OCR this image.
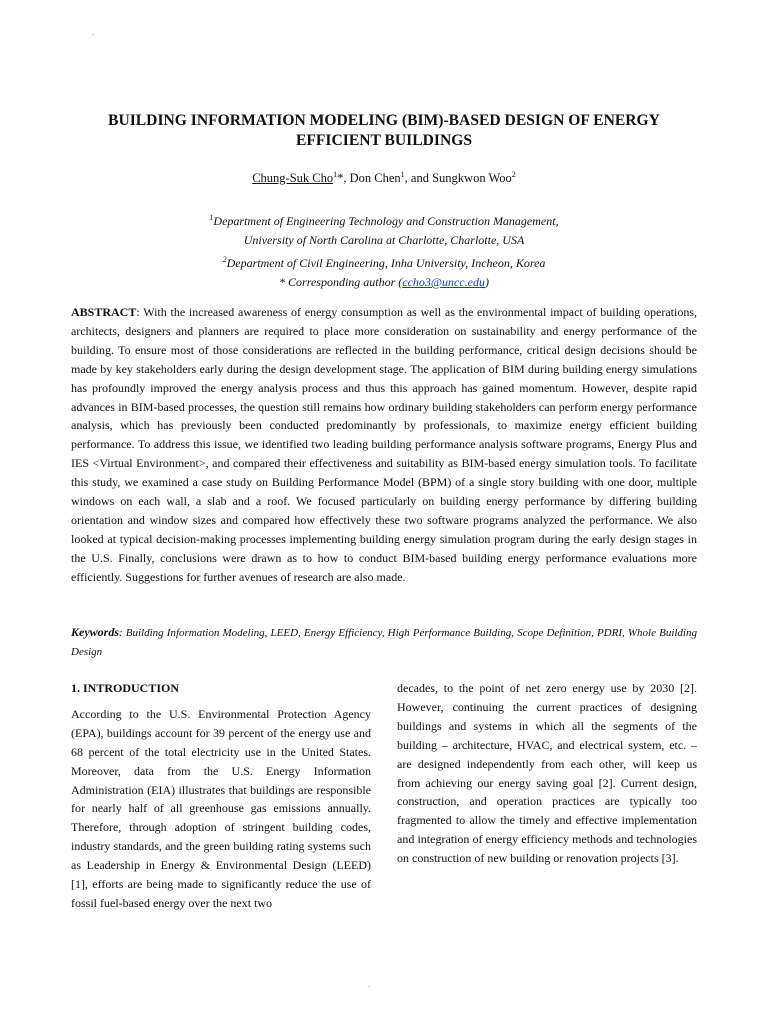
-
BUILDING INFORMATION MODELING (BIM)-BASED DESIGN OF ENERGY
EFFICIENT BUILDINGS
Chung-Suk Cho$^1$*, Don Chen$^1$, and Sungkwon Woo$^2$
$^1$Department of Engineering Technology and Construction Management,
University of North Carolina at Charlotte, Charlotte, USA
$^2$Department of Civil Engineering, Inha University, Incheon, Korea
* Corresponding author (ccho3@uncc.edu)
ABSTRACT: With the increased awareness of energy consumption as well as the environmental impact of building operations, architects, designers and planners are required to place more consideration on sustainability and energy performance of the building. To ensure most of those considerations are reflected in the building performance, critical design decisions should be made by key stakeholders early during the design development stage. The application of BIM during building energy simulations has profoundly improved the energy analysis process and thus this approach has gained momentum. However, despite rapid advances in BIM-based processes, the question still remains how ordinary building stakeholders can perform energy performance analysis, which has previously been conducted predominantly by professionals, to maximize energy efficient building performance. To address this issue, we identified two leading building performance analysis software programs, Energy Plus and IES <Virtual Environment>, and compared their effectiveness and suitability as BIM-based energy simulation tools. To facilitate this study, we examined a case study on Building Performance Model (BPM) of a single story building with one door, multiple windows on each wall, a slab and a roof. We focused particularly on building energy performance by differing building orientation and window sizes and compared how effectively these two software programs analyzed the performance. We also looked at typical decision-making processes implementing building energy simulation program during the early design stages in the U.S. Finally, conclusions were drawn as to how to conduct BIM-based building energy performance evaluations more efficiently. Suggestions for further avenues of research are also made.
Keywords: Building Information Modeling, LEED, Energy Efficiency, High Performance Building, Scope Definition, PDRI, Whole Building Design
1. INTRODUCTION

According to the U.S. Environmental Protection Agency (EPA), buildings account for 39 percent of the energy use and 68 percent of the total electricity use in the United States. Moreover, data from the U.S. Energy Information Administration (EIA) illustrates that buildings are responsible for nearly half of all greenhouse gas emissions annually. Therefore, through adoption of stringent building codes, industry standards, and the green building rating systems such as Leadership in Energy & Environmental Design (LEED) [1], efforts are being made to significantly reduce the use of fossil fuel-based energy over the next two

decades, to the point of net zero energy use by 2030 [2]. However, continuing the current practices of designing buildings and systems in which all the segments of the building – architecture, HVAC, and electrical system, etc. – are designed independently from each other, will keep us from achieving our energy saving goal [2]. Current design, construction, and operation practices are typically too fragmented to allow the timely and effective implementation and integration of energy efficiency methods and technologies on construction of new building or renovation projects [3].

-
